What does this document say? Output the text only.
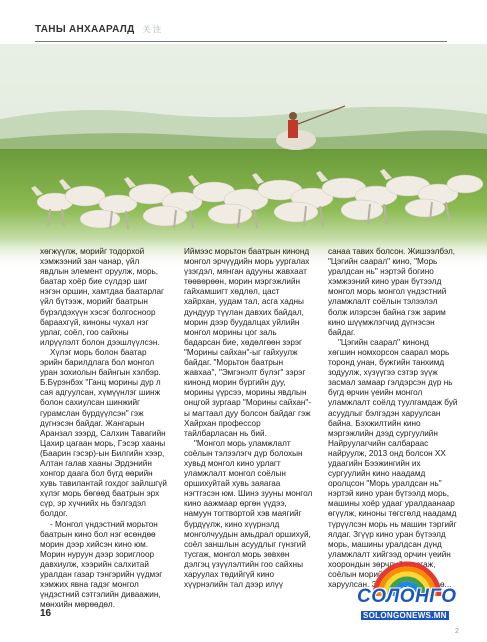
ТАНЫ АНХААРАЛД 关 注

хөгжүүлж, морийг тодорхой хэмжээний зан чанар, үйл явдлын элемент оруулж, морь, баатар хоёр бие сүлдэр шиг нэгэн оршин, хамтдаа баатарлаг үйл бүтээж, морийг баатрын бүрэлдэхүүн хэсэг болгосноор бараахгүй, киноны чухал нэг урлаг, соёл, гоо сайхны илрүүлэлт болон дээшлүүлсэн.

Хүлэг морь болон баатар эрийн барилдлага бол монгол уран зохиолын байнгын хэлбэр. Б.Бүрэнбэх "Ганц морины дур л сая адгуулсан, хүмүүнлэг шинж болон сахиулсан шинжийг гурамслан бүрдүүлсэн" гэж дүгнэсэн байдаг. Жангарын Аранзал зээрд, Салхин Тавагийн Цахир цагаан морь, Гэсэр хааны (Баарин гэсэр)-ын Билгийн хээр, Алтан галав хааны Эрдэнийн хонгор даага бол бүгд өөрийн хувь тавилантай гохдог зайлшгүй хүлэг морь бөгөөд баатрын эрх сүр, эр хүчнийх нь бэлгэдэл болдог.

- Монгол үндэстний морьтон баатрын кино бол нэг өсөндөө морин дээр хийсэн кино юм. Морин нуруун дээр зориглоор давхиулж, хээрийн салхитай уралдан газар тэнгэрийн үүдмэг хэмжих явна гадэг монгол үндэстний сэтгэлийн диваажин, мөнхийн мөрөөдөл.

Иймээс морьтон баатрын кинонд монгол эрчүүдийн морь уургалах үзэгдэл, мянган адууны жавхаат төөвөрөөн, морин мэргэжлийн гайхамшигт хөдлөл, цаст хайрхан, уудам тал, асга хадны дундуур түүлан давхих байдал, морин дээр буудалцах уйлийн монгол морины цог заль бадарсан бие, хөдөлгөөн зэрэг "Морины сайхан"-ыг гайхуулж байдаг. "Морьтон баатрын жавхаа", "Эмгэнэлт бүлэг" зэрэг кинонд морин бүргийн дуу, морины үүрсээ, морины явдлын онцгой зургаар "Морины сайхан"-ы магтаал дуу болсон байдаг гэж Хайрхан профессор тайлбарласан нь бий.

"Монгол морь уламжлалт соёлын тэлээлэгч дүр болохын хувьд монгол кино урлагт уламжлалт монгол соёлын оршихуйтай хувь заяагаа нэгтгэсэн юм. Шинэ зууны монгол кино аажмаар өргөн үүдээ, намуун тогтвортой хэв маягийг бүрдүүлж, кино хүүрнэлд монголчуудын амьдрал оршихуй, соёл заншлын асуудлыг гүнзгий тусгаж, монгол морь зөвхөн дэлгэц үзүүлэлтийн гоо сайхны харуулах төдийгүй кино хүүрнэлийн тал дээр илүү

санаа тавих болсон. Жишээлбэл, "Цэгийн саарал" кино, "Морь уралдсан нь" нэртэй богино хэмжээний кино уран бүтээлд монгол морь монгол үндэстний уламжлалт соёлын тэлээлэл болж илэрсэн байна гэж зарим кино шүүмжлэгчид дүгнэсэн байдаг.

"Цэгийн саарал" кинонд хөгшин номхорсон саарал морь торонд унан, бүжгийн танхимд зодуулж, хүзүүгээ сэтэр зүүж засмал замаар гэлдэрсэн дүр нь бүгд өрчин үеийн монгол уламжлалт соёлд туулгамдаж буй асуудлыг бэлгэдэн харуулсан байна. Бэхжилтийн кино мэргэжлийн дээд сургуулийн Найруулагчийн салбараас найруулж, 2013 онд болсон XX удаагийн Бээжингийн их сургуулийн кино наадамд оролцсон "Морь уралдсан нь" нэртэй кино уран бүтээлд морь, машины хоёр удааг уралдаанаар өгүүлж, киноны төгсгөлд наадамд түрүүлсэн морь нь машин тэргийг ялдаг. Згүүр кино уран бүтээлд морь, машины уралдсан дүнд уламжлалт хийгээд орчин үеийн хоорондын зөрчлийг тусгаж, соёлын морийг элдэхэргэн харуулсан. Энэ мөрөөдлөөрөө...

16
СОЛОНГО
SOLONGONEWS.MN
2
